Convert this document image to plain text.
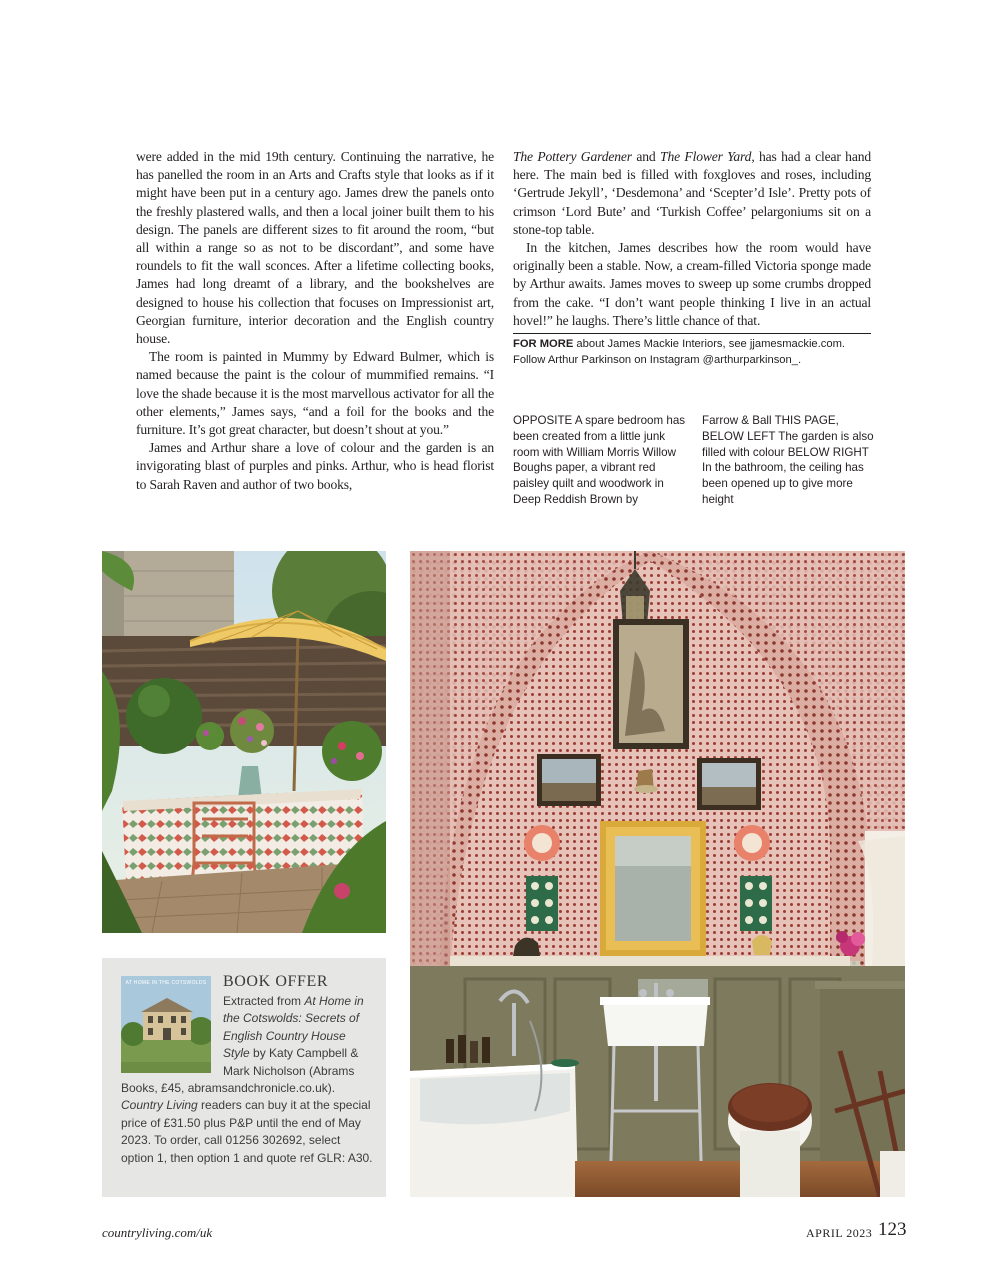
were added in the mid 19th century. Continuing the narrative, he has panelled the room in an Arts and Crafts style that looks as if it might have been put in a century ago. James drew the panels onto the freshly plastered walls, and then a local joiner built them to his design. The panels are different sizes to fit around the room, “but all within a range so as not to be discordant”, and some have roundels to fit the wall sconces. After a lifetime collecting books, James had long dreamt of a library, and the bookshelves are designed to house his collection that focuses on Impressionist art, Georgian furniture, interior decoration and the English country house.

The room is painted in Mummy by Edward Bulmer, which is named because the paint is the colour of mummified remains. “I love the shade because it is the most marvellous activator for all the other elements,” James says, “and a foil for the books and the furniture. It’s got great character, but doesn’t shout at you.”

James and Arthur share a love of colour and the garden is an invigorating blast of purples and pinks. Arthur, who is head florist to Sarah Raven and author of two books,

The Pottery Gardener and The Flower Yard, has had a clear hand here. The main bed is filled with foxgloves and roses, including ‘Gertrude Jekyll’, ‘Desdemona’ and ‘Scepter’d Isle’. Pretty pots of crimson ‘Lord Bute’ and ‘Turkish Coffee’ pelargoniums sit on a stone-top table.

In the kitchen, James describes how the room would have originally been a stable. Now, a cream-filled Victoria sponge made by Arthur awaits. James moves to sweep up some crumbs dropped from the cake. “I don’t want people thinking I live in an actual hovel!” he laughs. There’s little chance of that.

FOR MORE about James Mackie Interiors, see jjamesmackie.com. Follow Arthur Parkinson on Instagram @arthurparkinson_.
OPPOSITE A spare bedroom has been created from a little junk room with William Morris Willow Boughs paper, a vibrant red paisley quilt and woodwork in Deep Reddish Brown by
Farrow & Ball THIS PAGE, BELOW LEFT The garden is also filled with colour BELOW RIGHT In the bathroom, the ceiling has been opened up to give more height
AT HOME IN THE COTSWOLDS BOOK OFFER
Extracted from At Home in the Cotswolds: Secrets of English Country House Style by Katy Campbell & Mark Nicholson (Abrams Books, £45, abramsandchronicle.co.uk). Country Living readers can buy it at the special price of £31.50 plus P&P until the end of May 2023. To order, call 01256 302692, select option 1, then option 1 and quote ref GLR: A30.
countryliving.com/uk	APRIL 2023 123
